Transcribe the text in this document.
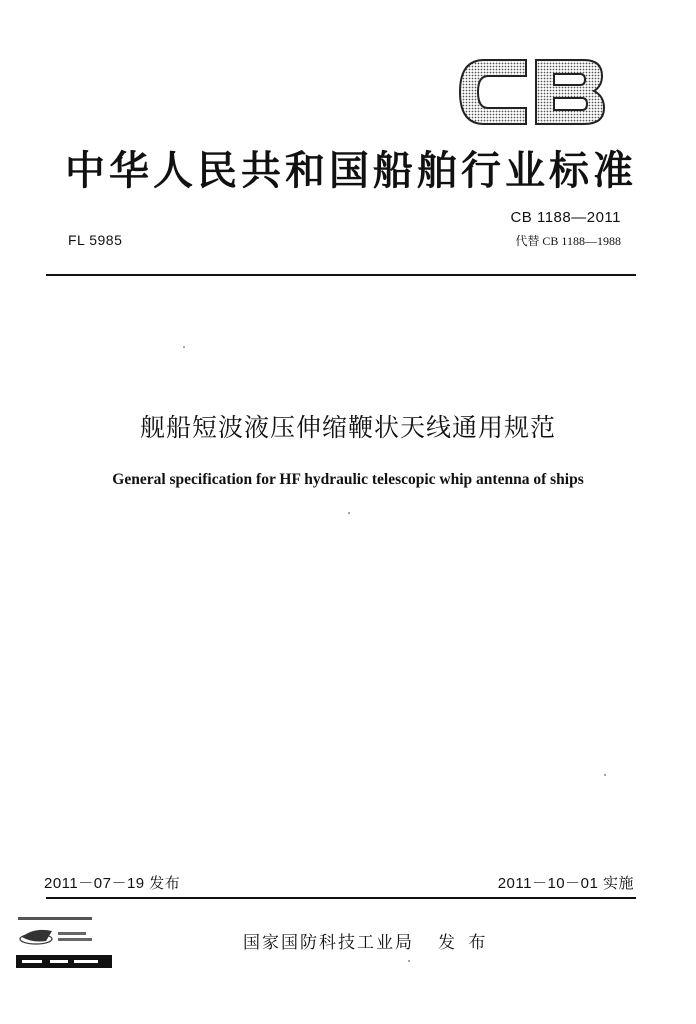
中华人民共和国船舶行业标准
CB 1188—2011
FL 5985	代替 CB 1188—1988
舰船短波液压伸缩鞭状天线通用规范
General specification for HF hydraulic telescopic whip antenna of ships
2011－07－19 发布	2011－10－01 实施
国家国防科技工业局 发 布
